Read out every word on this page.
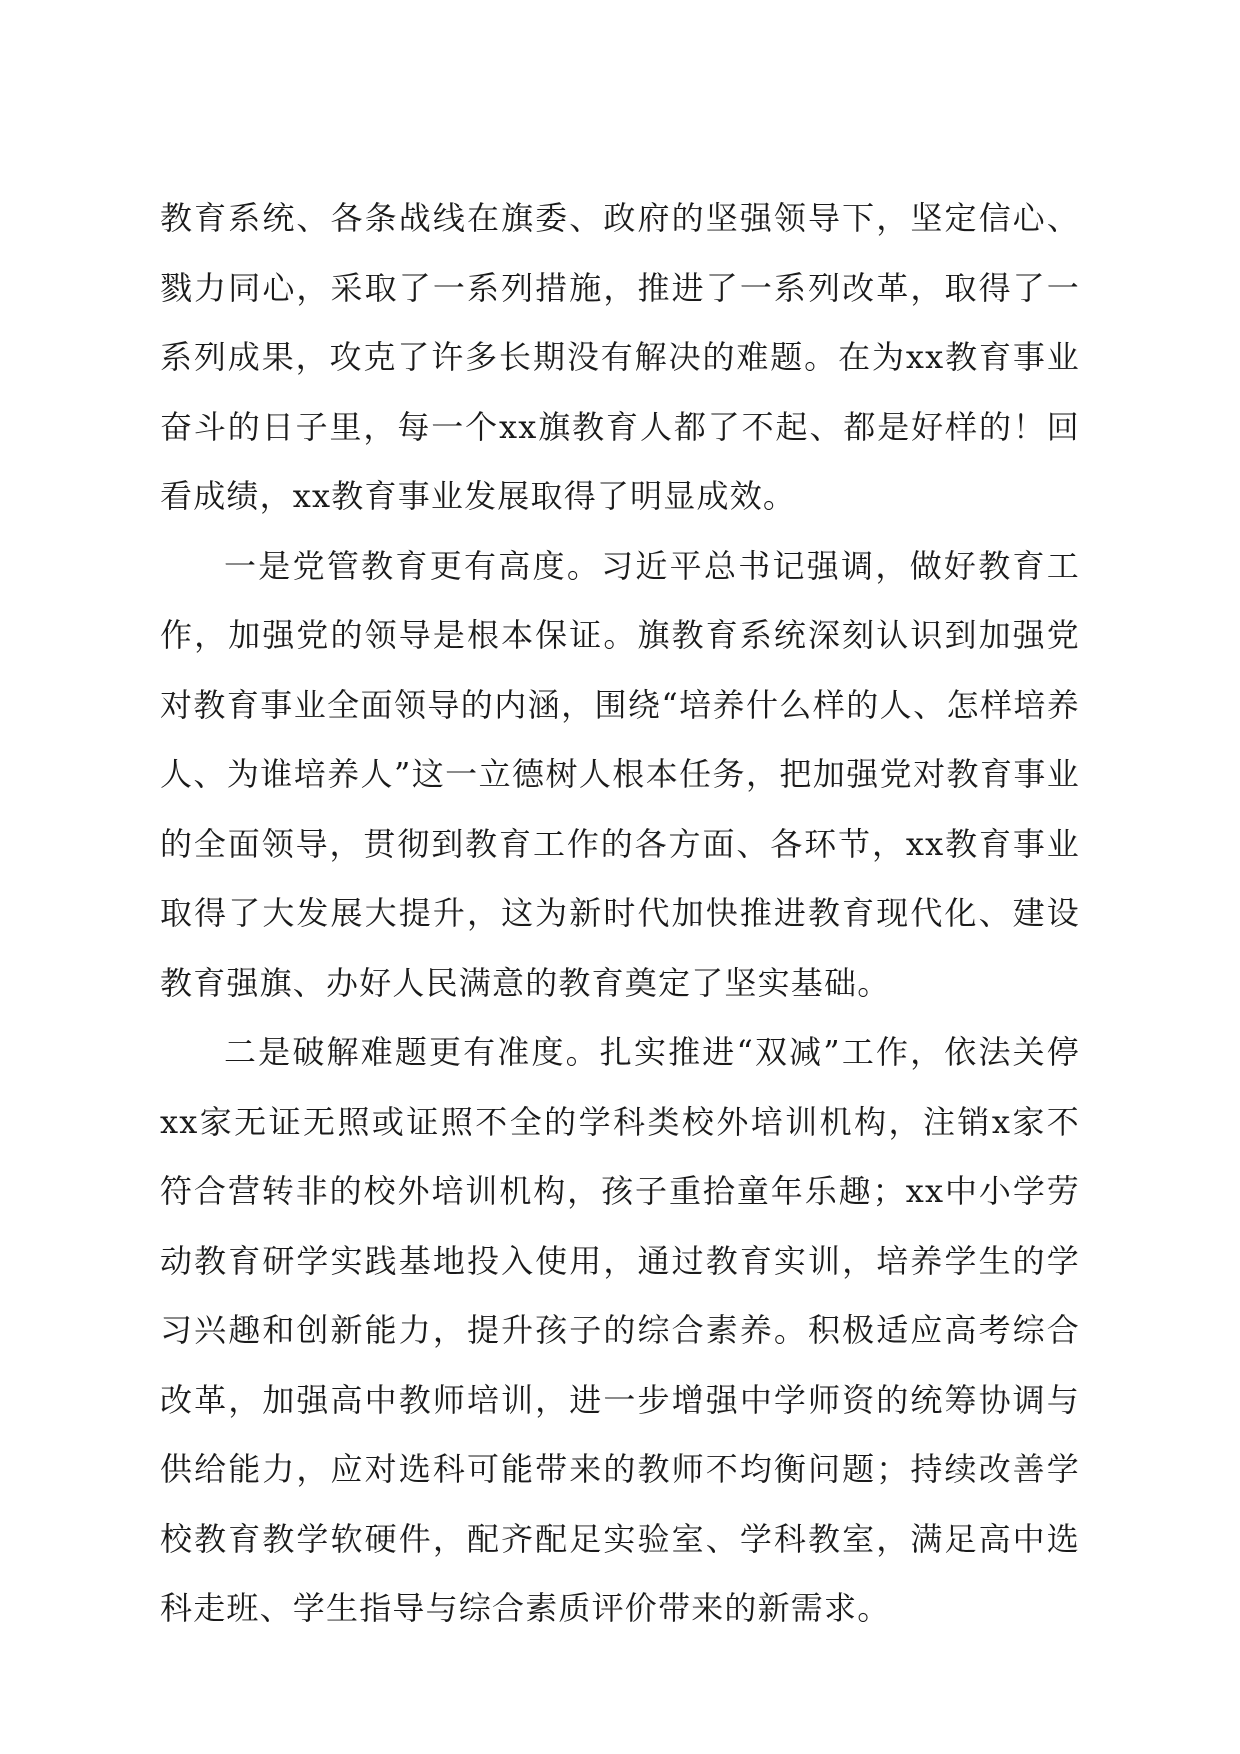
教育系统、各条战线在旗委、政府的坚强领导下，坚定信心、戮力同心，采取了一系列措施，推进了一系列改革，取得了一系列成果，攻克了许多长期没有解决的难题。在为xx教育事业奋斗的日子里，每一个xx旗教育人都了不起、都是好样的！回看成绩，xx教育事业发展取得了明显成效。

一是党管教育更有高度。习近平总书记强调，做好教育工作，加强党的领导是根本保证。旗教育系统深刻认识到加强党对教育事业全面领导的内涵，围绕“培养什么样的人、怎样培养人、为谁培养人”这一立德树人根本任务，把加强党对教育事业的全面领导，贯彻到教育工作的各方面、各环节，xx教育事业取得了大发展大提升，这为新时代加快推进教育现代化、建设教育强旗、办好人民满意的教育奠定了坚实基础。

二是破解难题更有准度。扎实推进“双减”工作，依法关停xx家无证无照或证照不全的学科类校外培训机构，注销x家不符合营转非的校外培训机构，孩子重拾童年乐趣；xx中小学劳动教育研学实践基地投入使用，通过教育实训，培养学生的学习兴趣和创新能力，提升孩子的综合素养。积极适应高考综合改革，加强高中教师培训，进一步增强中学师资的统筹协调与供给能力，应对选科可能带来的教师不均衡问题；持续改善学校教育教学软硬件，配齐配足实验室、学科教室，满足高中选科走班、学生指导与综合素质评价带来的新需求。
